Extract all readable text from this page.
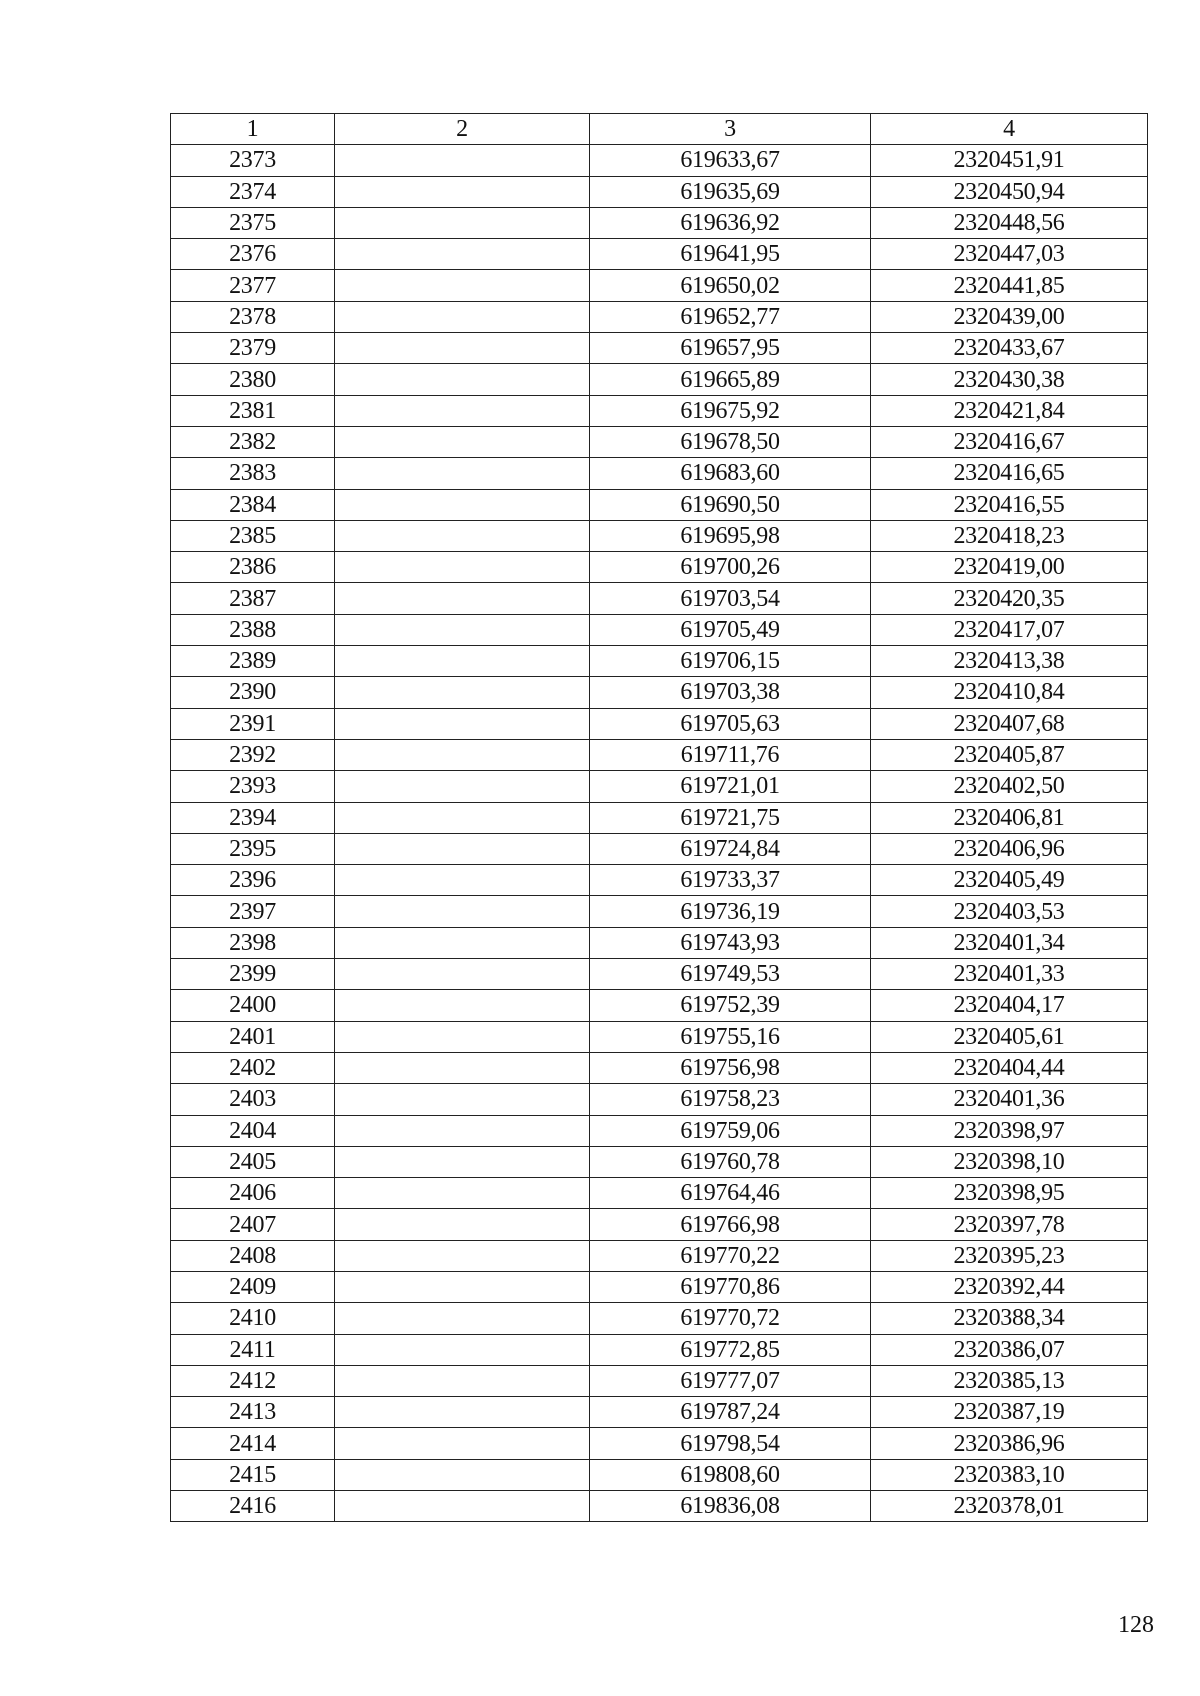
1	2	3	4
2373		619633,67	2320451,91
2374		619635,69	2320450,94
2375		619636,92	2320448,56
2376		619641,95	2320447,03
2377		619650,02	2320441,85
2378		619652,77	2320439,00
2379		619657,95	2320433,67
2380		619665,89	2320430,38
2381		619675,92	2320421,84
2382		619678,50	2320416,67
2383		619683,60	2320416,65
2384		619690,50	2320416,55
2385		619695,98	2320418,23
2386		619700,26	2320419,00
2387		619703,54	2320420,35
2388		619705,49	2320417,07
2389		619706,15	2320413,38
2390		619703,38	2320410,84
2391		619705,63	2320407,68
2392		619711,76	2320405,87
2393		619721,01	2320402,50
2394		619721,75	2320406,81
2395		619724,84	2320406,96
2396		619733,37	2320405,49
2397		619736,19	2320403,53
2398		619743,93	2320401,34
2399		619749,53	2320401,33
2400		619752,39	2320404,17
2401		619755,16	2320405,61
2402		619756,98	2320404,44
2403		619758,23	2320401,36
2404		619759,06	2320398,97
2405		619760,78	2320398,10
2406		619764,46	2320398,95
2407		619766,98	2320397,78
2408		619770,22	2320395,23
2409		619770,86	2320392,44
2410		619770,72	2320388,34
2411		619772,85	2320386,07
2412		619777,07	2320385,13
2413		619787,24	2320387,19
2414		619798,54	2320386,96
2415		619808,60	2320383,10
2416		619836,08	2320378,01
128
